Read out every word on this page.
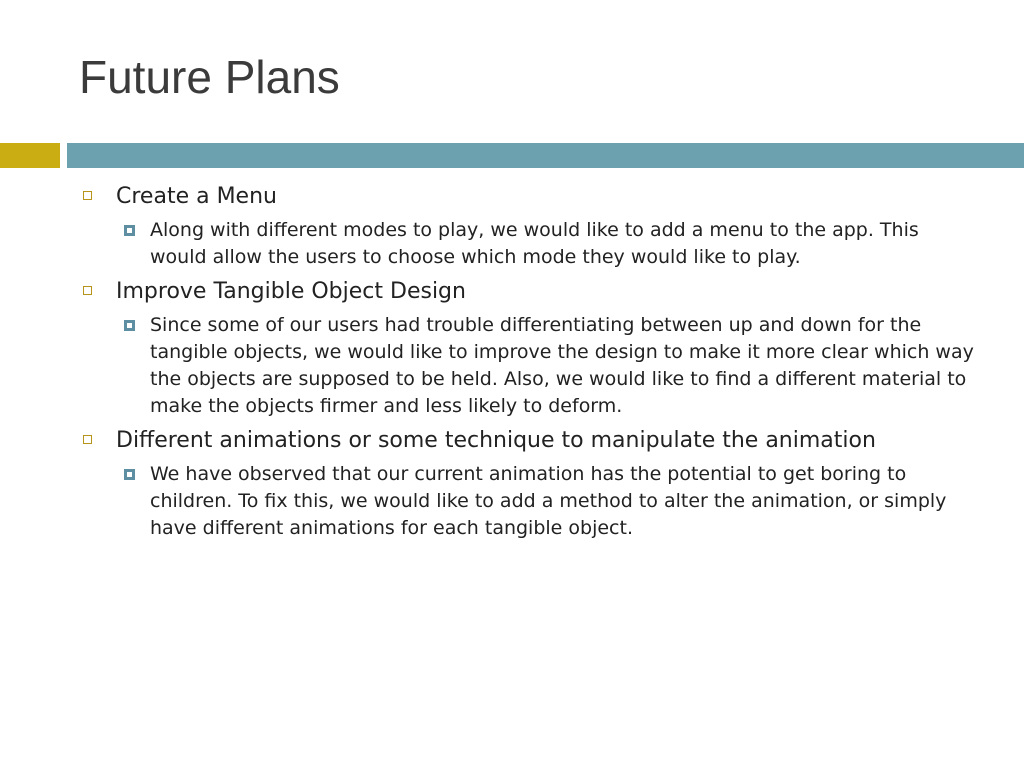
Future Plans
Create a Menu
Along with different modes to play, we would like to add a menu to the app. This would allow the users to choose which mode they would like to play.
Improve Tangible Object Design
Since some of our users had trouble differentiating between up and down for the tangible objects, we would like to improve the design to make it more clear which way the objects are supposed to be held. Also, we would like to find a different material to make the objects firmer and less likely to deform.
Different animations or some technique to manipulate the animation
We have observed that our current animation has the potential to get boring to children. To fix this, we would like to add a method to alter the animation, or simply have different animations for each tangible object.
